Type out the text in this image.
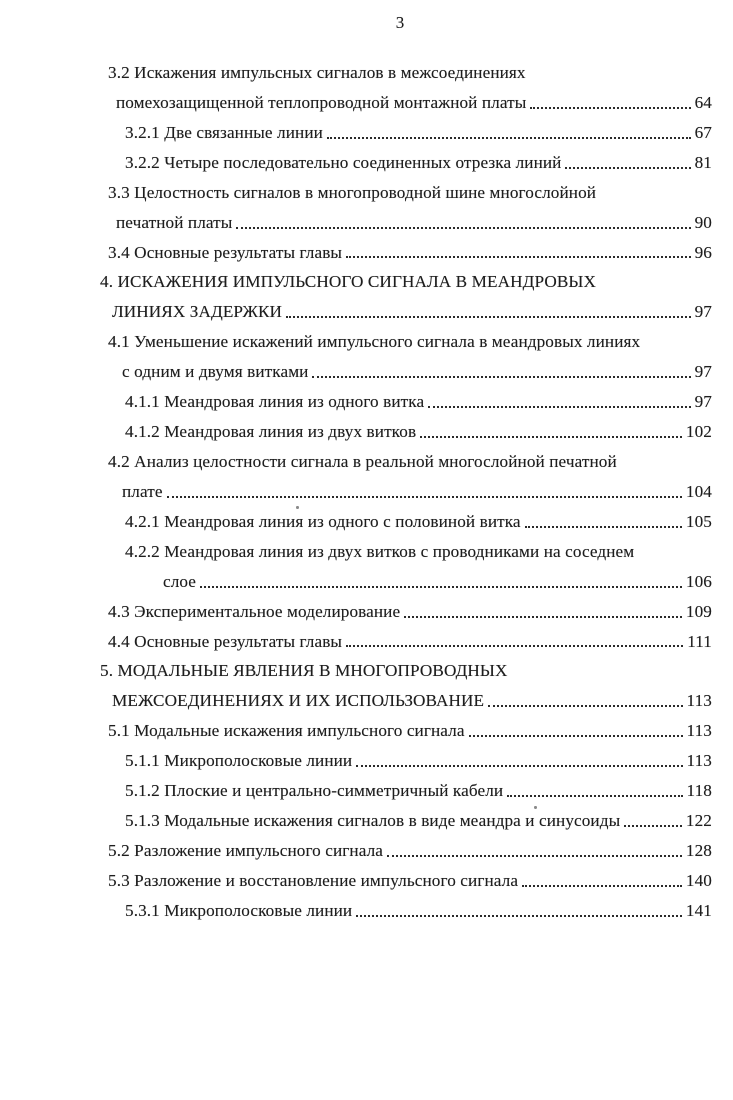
3
3.2 Искажения импульсных сигналов в межсоединениях
помехозащищенной теплопроводной монтажной платы	64
3.2.1 Две связанные линии	67
3.2.2 Четыре последовательно соединенных отрезка линий	81
3.3 Целостность сигналов в многопроводной шине многослойной
печатной платы	90
3.4 Основные результаты главы	96
4. ИСКАЖЕНИЯ ИМПУЛЬСНОГО СИГНАЛА В МЕАНДРОВЫХ
ЛИНИЯХ ЗАДЕРЖКИ	97
4.1 Уменьшение искажений импульсного сигнала в меандровых линиях
с одним и двумя витками	97
4.1.1 Меандровая линия из одного витка	97
4.1.2 Меандровая линия из двух витков	102
4.2 Анализ целостности сигнала в реальной многослойной печатной
плате	104
4.2.1 Меандровая линия из одного с половиной витка	105
4.2.2 Меандровая линия из двух витков с проводниками на соседнем
слое	106
4.3 Экспериментальное моделирование	109
4.4 Основные результаты главы	111
5. МОДАЛЬНЫЕ ЯВЛЕНИЯ В МНОГОПРОВОДНЫХ
МЕЖСОЕДИНЕНИЯХ И ИХ ИСПОЛЬЗОВАНИЕ	113
5.1 Модальные искажения импульсного сигнала	113
5.1.1 Микрополосковые линии	113
5.1.2 Плоские и центрально-симметричный кабели	118
5.1.3 Модальные искажения сигналов в виде меандра и синусоиды	122
5.2 Разложение импульсного сигнала	128
5.3 Разложение и восстановление импульсного сигнала	140
5.3.1 Микрополосковые линии	141
